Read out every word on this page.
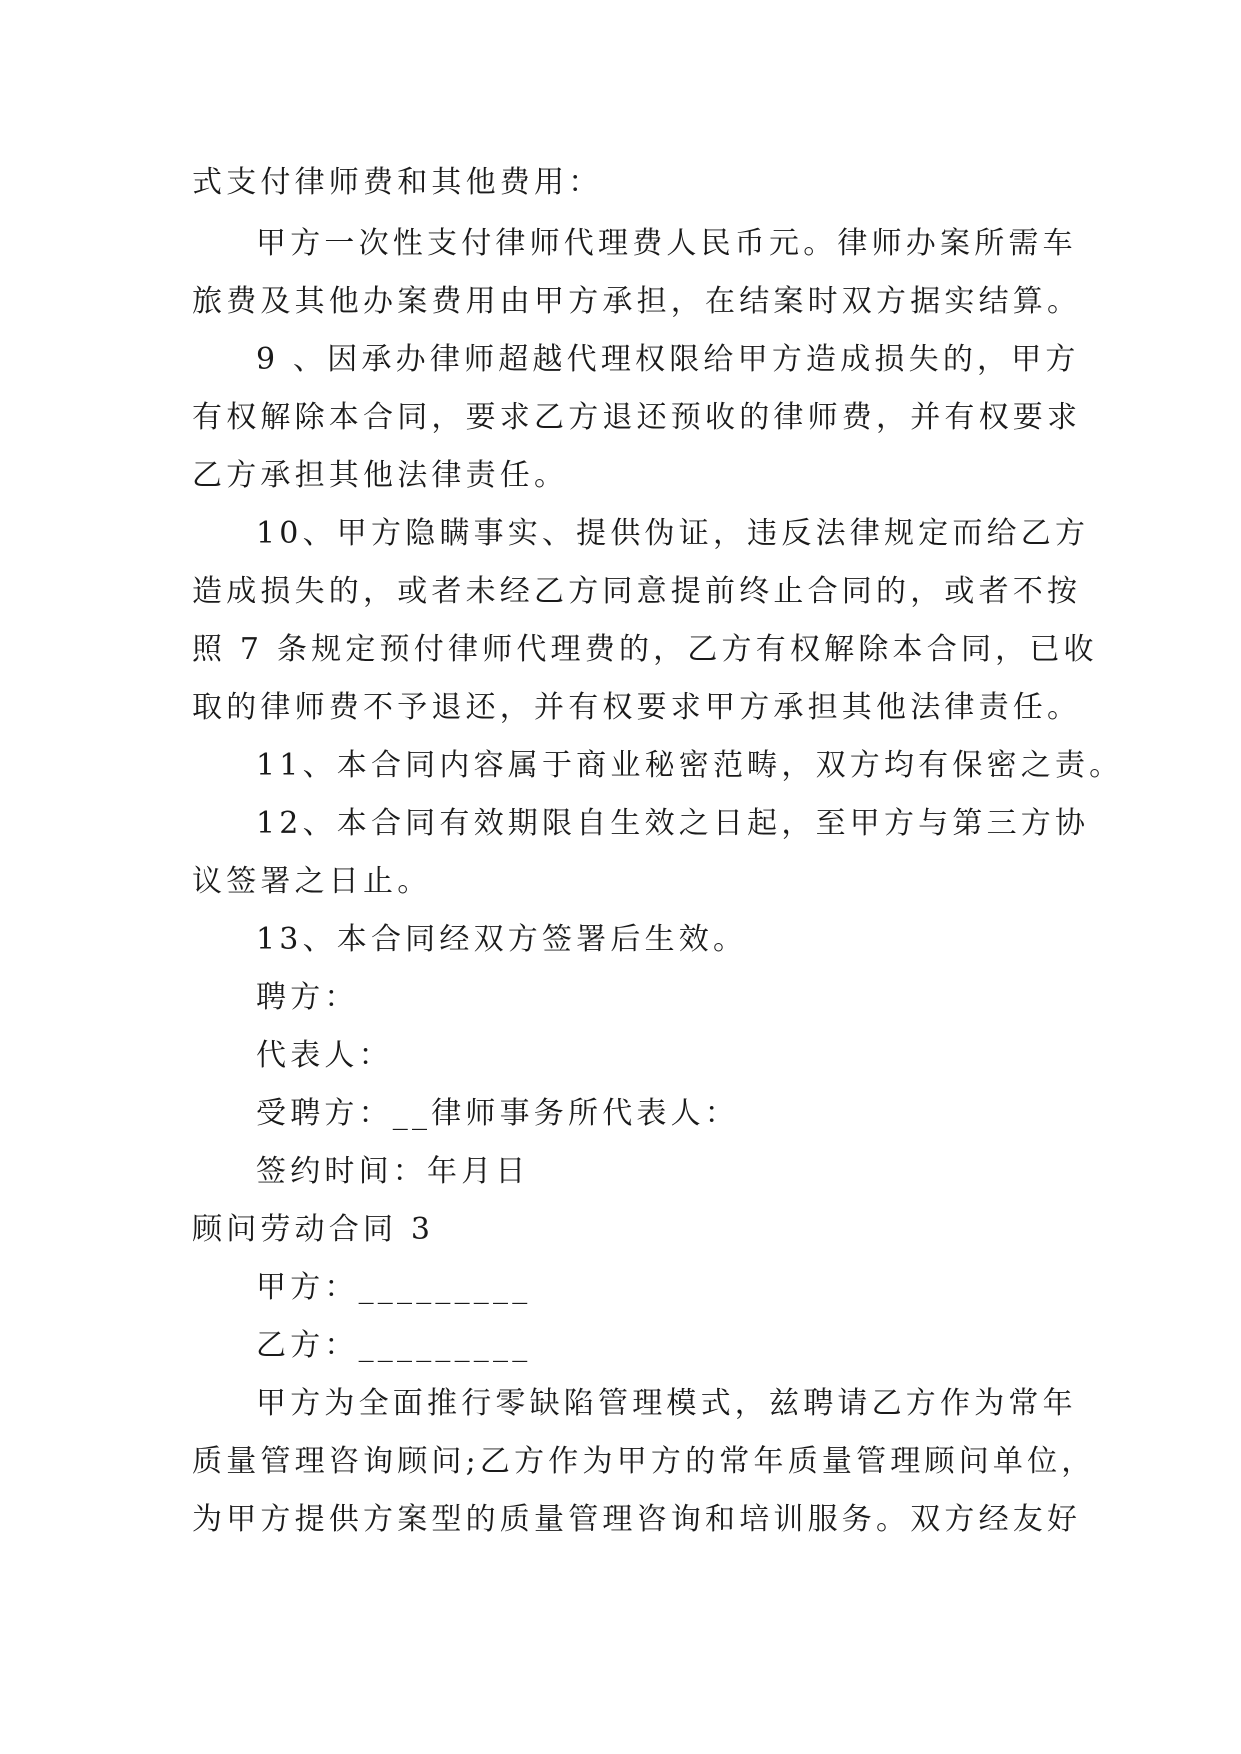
式支付律师费和其他费用：
甲方一次性支付律师代理费人民币元。律师办案所需车
旅费及其他办案费用由甲方承担，在结案时双方据实结算。
9 、因承办律师超越代理权限给甲方造成损失的，甲方
有权解除本合同，要求乙方退还预收的律师费，并有权要求
乙方承担其他法律责任。
10、甲方隐瞒事实、提供伪证，违反法律规定而给乙方
造成损失的，或者未经乙方同意提前终止合同的，或者不按
照 7 条规定预付律师代理费的，乙方有权解除本合同，已收
取的律师费不予退还，并有权要求甲方承担其他法律责任。
11、本合同内容属于商业秘密范畴，双方均有保密之责。
12、本合同有效期限自生效之日起，至甲方与第三方协
议签署之日止。
13、本合同经双方签署后生效。
聘方：
代表人：
受聘方：__律师事务所代表人：
签约时间：年月日
顾问劳动合同 3
甲方：_________
乙方：_________
甲方为全面推行零缺陷管理模式，兹聘请乙方作为常年
质量管理咨询顾问;乙方作为甲方的常年质量管理顾问单位，
为甲方提供方案型的质量管理咨询和培训服务。双方经友好
